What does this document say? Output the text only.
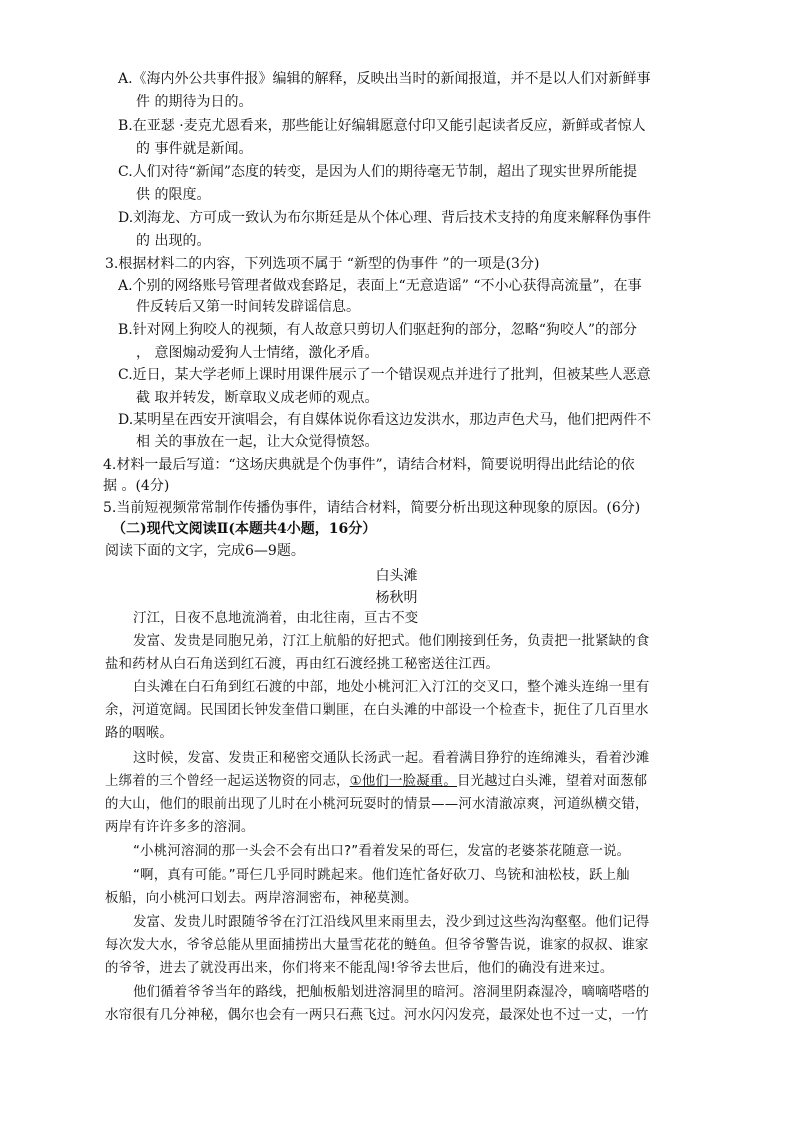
A.《海内外公共事件报》编辑的解释，反映出当时的新闻报道，并不是以人们对新鲜事
件 的期待为日的。
B.在亚瑟 ·麦克尤恩看来，那些能让好编辑愿意付印又能引起读者反应，新鲜或者惊人
的 事件就是新闻。
C.人们对待“新闻”态度的转变，是因为人们的期待毫无节制，超出了现实世界所能提
供 的限度。
D.刘海龙、方可成一致认为布尔斯廷是从个体心理、背后技术支持的角度来解释伪事件
的 出现的。
3.根据材料二的内容，下列选项不属于 “新型的伪事件 ”的一项是(3分)
A.个别的网络账号管理者做戏套路足，表面上“无意造谣” “不小心获得高流量”，在事
件反转后又第一时间转发辟谣信息。
B.针对网上狗咬人的视频，有人故意只剪切人们驱赶狗的部分，忽略“狗咬人”的部分
， 意图煽动爱狗人士情绪，激化矛盾。
C.近日，某大学老师上课时用课件展示了一个错误观点并进行了批判，但被某些人恶意
截 取并转发，断章取义成老师的观点。
D.某明星在西安开演唱会，有自媒体说你看这边发洪水，那边声色犬马，他们把两件不
相 关的事放在一起，让大众觉得愤怒。
4.材料一最后写道：“这场庆典就是个伪事件”，请结合材料，简要说明得出此结论的依
据 。(4分)
5.当前短视频常常制作传播伪事件，请结合材料，简要分析出现这种现象的原因。(6分)
（二)现代文阅读Ⅱ(本题共4小题，16分）
阅读下面的文字，完成6—9题。
白头滩
杨秋明
汀江，日夜不息地流淌着，由北往南，亘古不变
发富、发贵是同胞兄弟，汀江上航船的好把式。他们刚接到任务，负责把一批紧缺的食
盐和药材从白石角送到红石渡，再由红石渡经挑工秘密送往江西。
白头滩在白石角到红石渡的中部，地处小桃河汇入汀江的交叉口，整个滩头连绵一里有
余，河道宽阔。民国团长钟发奎借口剿匪，在白头滩的中部设一个检查卡，扼住了几百里水
路的咽喉。
这时候，发富、发贵正和秘密交通队长汤武一起。看着满目狰狞的连绵滩头，看着沙滩
上绑着的三个曾经一起运送物资的同志，①他们一脸凝重。目光越过白头滩，望着对面葱郁
的大山，他们的眼前出现了儿时在小桃河玩耍时的情景——河水清澈凉爽，河道纵横交错，
两岸有许许多多的溶洞。
“小桃河溶洞的那一头会不会有出口?”看着发呆的哥仨，发富的老婆茶花随意一说。
“啊，真有可能。”哥仨几乎同时跳起来。他们连忙备好砍刀、鸟铳和油松枝，跃上舢
板船，向小桃河口划去。两岸溶洞密布，神秘莫测。
发富、发贵儿时跟随爷爷在汀江沿线风里来雨里去，没少到过这些沟沟壑壑。他们记得
每次发大水，爷爷总能从里面捕捞出大量雪花花的鲢鱼。但爷爷警告说，谁家的叔叔、谁家
的爷爷，进去了就没再出来，你们将来不能乱闯!爷爷去世后，他们的确没有进来过。
他们循着爷爷当年的路线，把舢板船划进溶洞里的暗河。溶洞里阴森湿冷，嘀嘀嗒嗒的
水帘很有几分神秘，偶尔也会有一两只石燕飞过。河水闪闪发亮，最深处也不过一丈，一竹
